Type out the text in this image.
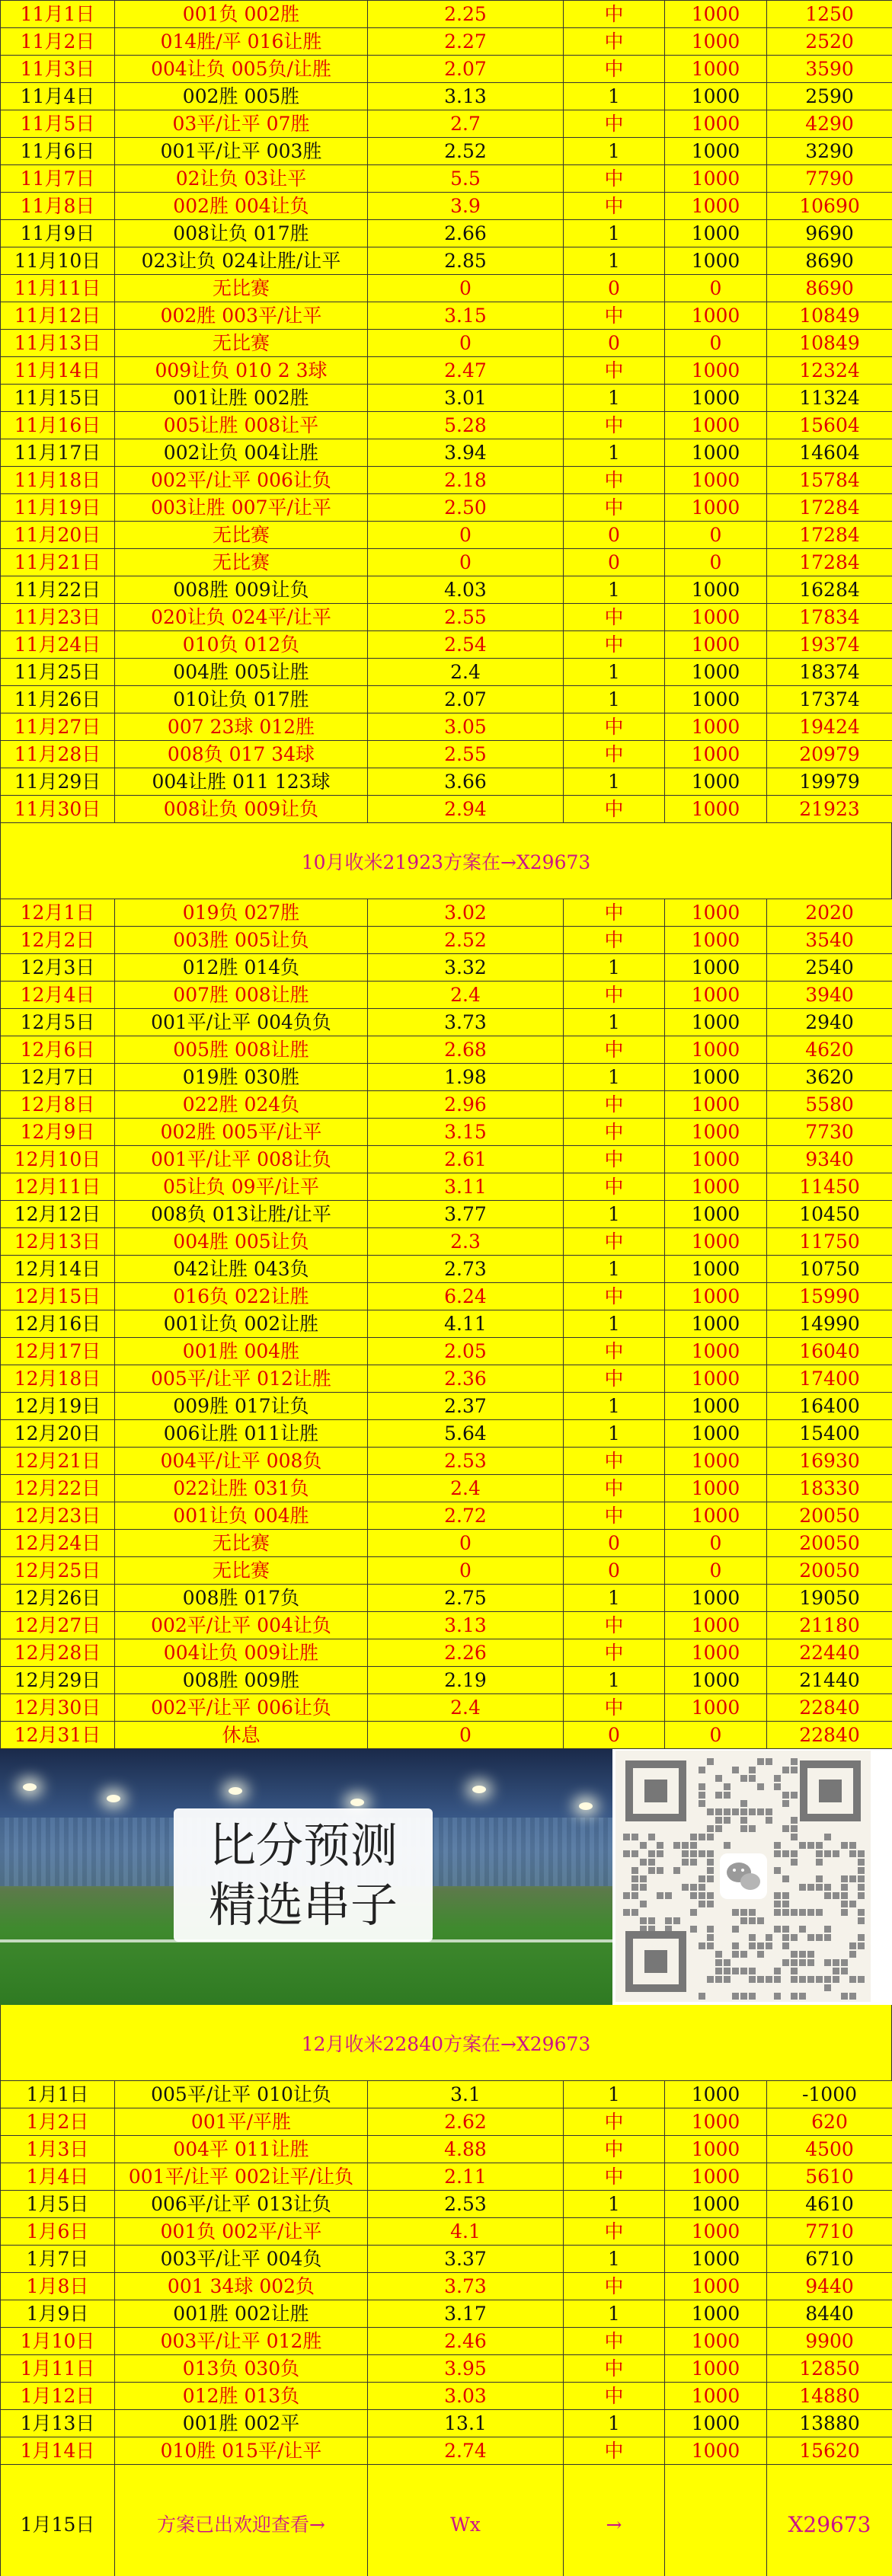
11月1日	001负 002胜	2.25	中	1000	1250
11月2日	014胜/平 016让胜	2.27	中	1000	2520
11月3日	004让负 005负/让胜	2.07	中	1000	3590
11月4日	002胜 005胜	3.13	1	1000	2590
11月5日	03平/让平 07胜	2.7	中	1000	4290
11月6日	001平/让平 003胜	2.52	1	1000	3290
11月7日	02让负 03让平	5.5	中	1000	7790
11月8日	002胜 004让负	3.9	中	1000	10690
11月9日	008让负 017胜	2.66	1	1000	9690
11月10日	023让负 024让胜/让平	2.85	1	1000	8690
11月11日	无比赛	0	0	0	8690
11月12日	002胜 003平/让平	3.15	中	1000	10849
11月13日	无比赛	0	0	0	10849
11月14日	009让负 010 2 3球	2.47	中	1000	12324
11月15日	001让胜 002胜	3.01	1	1000	11324
11月16日	005让胜 008让平	5.28	中	1000	15604
11月17日	002让负 004让胜	3.94	1	1000	14604
11月18日	002平/让平 006让负	2.18	中	1000	15784
11月19日	003让胜 007平/让平	2.50	中	1000	17284
11月20日	无比赛	0	0	0	17284
11月21日	无比赛	0	0	0	17284
11月22日	008胜 009让负	4.03	1	1000	16284
11月23日	020让负 024平/让平	2.55	中	1000	17834
11月24日	010负 012负	2.54	中	1000	19374
11月25日	004胜 005让胜	2.4	1	1000	18374
11月26日	010让负 017胜	2.07	1	1000	17374
11月27日	007 23球 012胜	3.05	中	1000	19424
11月28日	008负 017 34球	2.55	中	1000	20979
11月29日	004让胜 011 123球	3.66	1	1000	19979
11月30日	008让负 009让负	2.94	中	1000	21923
10月收米21923方案在→X29673
12月1日	019负 027胜	3.02	中	1000	2020
12月2日	003胜 005让负	2.52	中	1000	3540
12月3日	012胜 014负	3.32	1	1000	2540
12月4日	007胜 008让胜	2.4	中	1000	3940
12月5日	001平/让平 004负负	3.73	1	1000	2940
12月6日	005胜 008让胜	2.68	中	1000	4620
12月7日	019胜 030胜	1.98	1	1000	3620
12月8日	022胜 024负	2.96	中	1000	5580
12月9日	002胜 005平/让平	3.15	中	1000	7730
12月10日	001平/让平 008让负	2.61	中	1000	9340
12月11日	05让负 09平/让平	3.11	中	1000	11450
12月12日	008负 013让胜/让平	3.77	1	1000	10450
12月13日	004胜 005让负	2.3	中	1000	11750
12月14日	042让胜 043负	2.73	1	1000	10750
12月15日	016负 022让胜	6.24	中	1000	15990
12月16日	001让负 002让胜	4.11	1	1000	14990
12月17日	001胜 004胜	2.05	中	1000	16040
12月18日	005平/让平 012让胜	2.36	中	1000	17400
12月19日	009胜 017让负	2.37	1	1000	16400
12月20日	006让胜 011让胜	5.64	1	1000	15400
12月21日	004平/让平 008负	2.53	中	1000	16930
12月22日	022让胜 031负	2.4	中	1000	18330
12月23日	001让负 004胜	2.72	中	1000	20050
12月24日	无比赛	0	0	0	20050
12月25日	无比赛	0	0	0	20050
12月26日	008胜 017负	2.75	1	1000	19050
12月27日	002平/让平 004让负	3.13	中	1000	21180
12月28日	004让负 009让胜	2.26	中	1000	22440
12月29日	008胜 009胜	2.19	1	1000	21440
12月30日	002平/让平 006让负	2.4	中	1000	22840
12月31日	休息	0	0	0	22840
比分预测
精选串子
12月收米22840方案在→X29673
1月1日	005平/让平 010让负	3.1	1	1000	-1000
1月2日	001平/平胜	2.62	中	1000	620
1月3日	004平 011让胜	4.88	中	1000	4500
1月4日	001平/让平 002让平/让负	2.11	中	1000	5610
1月5日	006平/让平 013让负	2.53	1	1000	4610
1月6日	001负 002平/让平	4.1	中	1000	7710
1月7日	003平/让平 004负	3.37	1	1000	6710
1月8日	001 34球 002负	3.73	中	1000	9440
1月9日	001胜 002让胜	3.17	1	1000	8440
1月10日	003平/让平 012胜	2.46	中	1000	9900
1月11日	013负 030负	3.95	中	1000	12850
1月12日	012胜 013负	3.03	中	1000	14880
1月13日	001胜 002平	13.1	1	1000	13880
1月14日	010胜 015平/让平	2.74	中	1000	15620
1月15日	方案已出欢迎查看→	Wx	→		X29673
